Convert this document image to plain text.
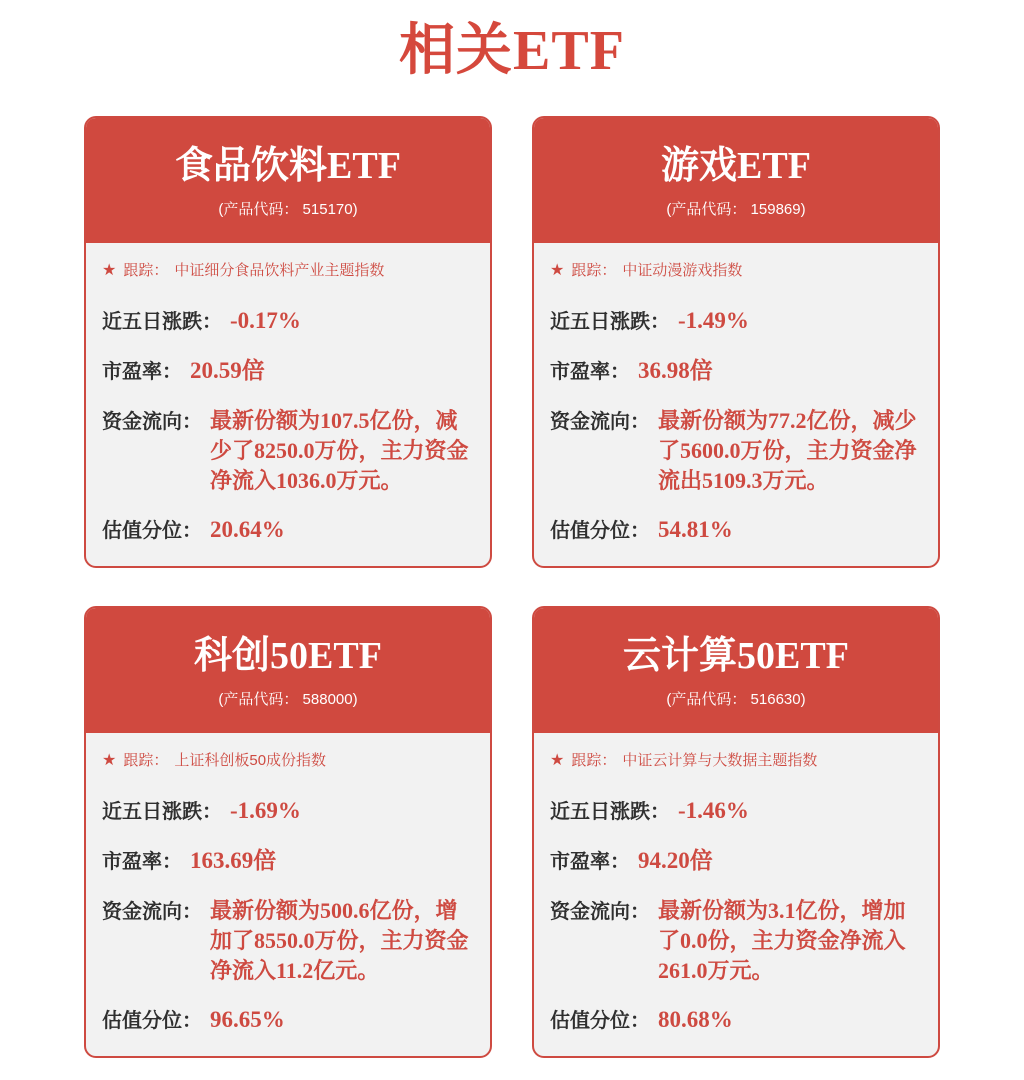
相关ETF
食品饮料ETF
(产品代码： 515170)
★ 跟踪： 中证细分食品饮料产业主题指数
近五日涨跌： -0.17%
市盈率： 20.59倍
资金流向： 最新份额为107.5亿份，减少了8250.0万份，主力资金净流入1036.0万元。
估值分位： 20.64%
游戏ETF
(产品代码： 159869)
★ 跟踪： 中证动漫游戏指数
近五日涨跌： -1.49%
市盈率： 36.98倍
资金流向： 最新份额为77.2亿份，减少了5600.0万份，主力资金净流出5109.3万元。
估值分位： 54.81%
科创50ETF
(产品代码： 588000)
★ 跟踪： 上证科创板50成份指数
近五日涨跌： -1.69%
市盈率： 163.69倍
资金流向： 最新份额为500.6亿份，增加了8550.0万份，主力资金净流入11.2亿元。
估值分位： 96.65%
云计算50ETF
(产品代码： 516630)
★ 跟踪： 中证云计算与大数据主题指数
近五日涨跌： -1.46%
市盈率： 94.20倍
资金流向： 最新份额为3.1亿份，增加了0.0份，主力资金净流入261.0万元。
估值分位： 80.68%
